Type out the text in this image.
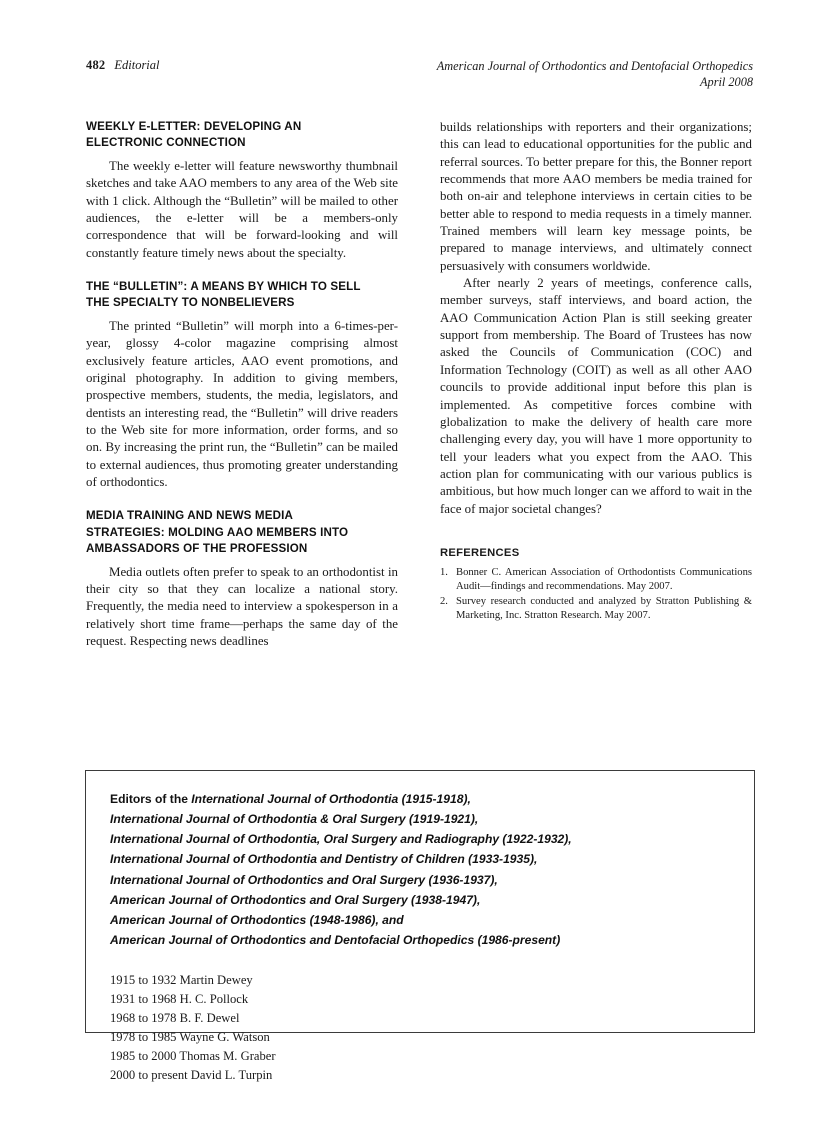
482 Editorial	American Journal of Orthodontics and Dentofacial Orthopedics
April 2008
WEEKLY E-LETTER: DEVELOPING AN
ELECTRONIC CONNECTION

The weekly e-letter will feature newsworthy thumbnail sketches and take AAO members to any area of the Web site with 1 click. Although the “Bulletin” will be mailed to other audiences, the e-letter will be a members-only correspondence that will be forward-looking and will constantly feature timely news about the specialty.

THE “BULLETIN”: A MEANS BY WHICH TO SELL
THE SPECIALTY TO NONBELIEVERS

The printed “Bulletin” will morph into a 6-times-per-year, glossy 4-color magazine comprising almost exclusively feature articles, AAO event promotions, and original photography. In addition to giving members, prospective members, students, the media, legislators, and dentists an interesting read, the “Bulletin” will drive readers to the Web site for more information, order forms, and so on. By increasing the print run, the “Bulletin” can be mailed to external audiences, thus promoting greater understanding of orthodontics.

MEDIA TRAINING AND NEWS MEDIA
STRATEGIES: MOLDING AAO MEMBERS INTO
AMBASSADORS OF THE PROFESSION

Media outlets often prefer to speak to an orthodontist in their city so that they can localize a national story. Frequently, the media need to interview a spokesperson in a relatively short time frame—perhaps the same day of the request. Respecting news deadlines

builds relationships with reporters and their organizations; this can lead to educational opportunities for the public and referral sources. To better prepare for this, the Bonner report recommends that more AAO members be media trained for both on-air and telephone interviews in certain cities to be better able to respond to media requests in a timely manner. Trained members will learn key message points, be prepared to manage interviews, and ultimately connect persuasively with consumers worldwide.

After nearly 2 years of meetings, conference calls, member surveys, staff interviews, and board action, the AAO Communication Action Plan is still seeking greater support from membership. The Board of Trustees has now asked the Councils of Communication (COC) and Information Technology (COIT) as well as all other AAO councils to provide additional input before this plan is implemented. As competitive forces combine with globalization to make the delivery of health care more challenging every day, you will have 1 more opportunity to tell your leaders what you expect from the AAO. This action plan for communicating with our various publics is ambitious, but how much longer can we afford to wait in the face of major societal changes?

REFERENCES
1. Bonner C. American Association of Orthodontists Communications Audit—findings and recommendations. May 2007.
2. Survey research conducted and analyzed by Stratton Publishing & Marketing, Inc. Stratton Research. May 2007.
Editors of the International Journal of Orthodontia (1915-1918),
International Journal of Orthodontia & Oral Surgery (1919-1921),
International Journal of Orthodontia, Oral Surgery and Radiography (1922-1932),
International Journal of Orthodontia and Dentistry of Children (1933-1935),
International Journal of Orthodontics and Oral Surgery (1936-1937),
American Journal of Orthodontics and Oral Surgery (1938-1947),
American Journal of Orthodontics (1948-1986), and
American Journal of Orthodontics and Dentofacial Orthopedics (1986-present)
1915 to 1932 Martin Dewey
1931 to 1968 H. C. Pollock
1968 to 1978 B. F. Dewel
1978 to 1985 Wayne G. Watson
1985 to 2000 Thomas M. Graber
2000 to present David L. Turpin
